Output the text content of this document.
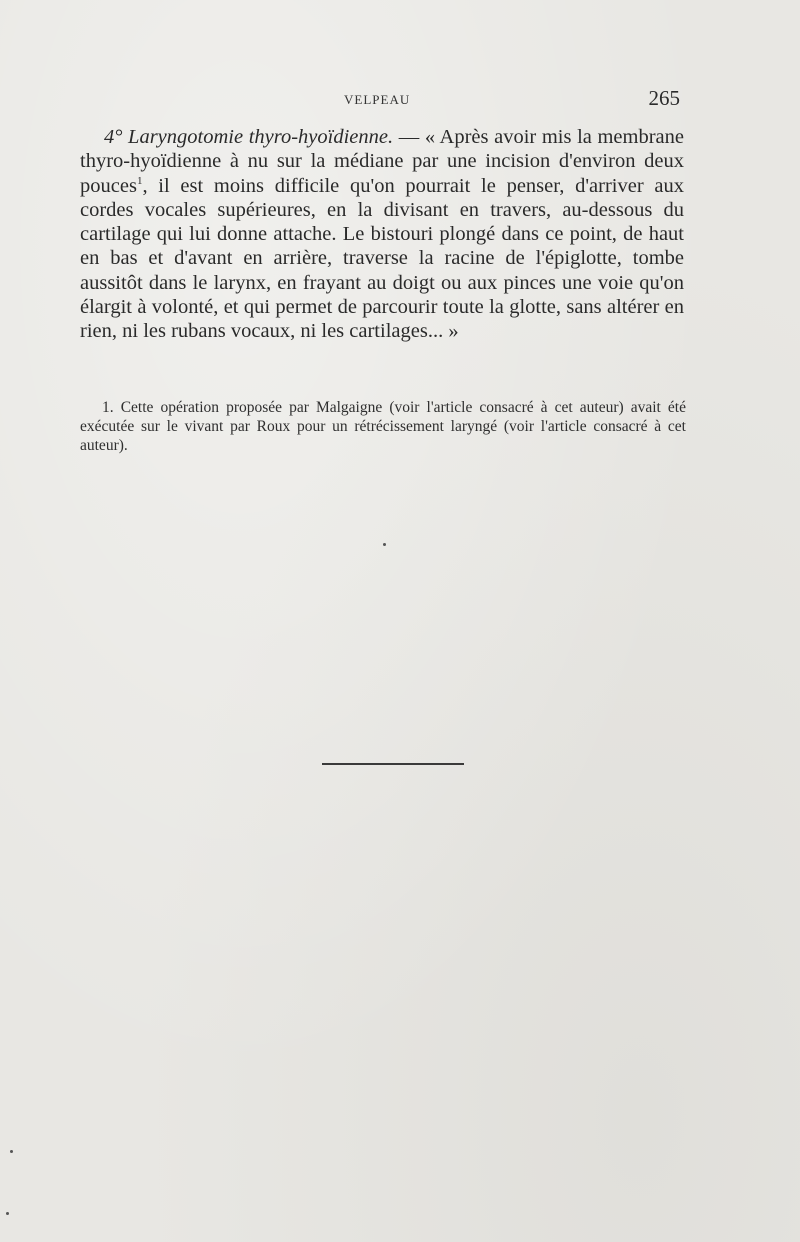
VELPEAU	265

4° Laryngotomie thyro-hyoïdienne. — « Après avoir mis la membrane thyro-hyoïdienne à nu sur la médiane par une incision d'environ deux pouces$^1$, il est moins difficile qu'on pourrait le penser, d'arriver aux cordes vocales supérieures, en la divisant en travers, au-dessous du cartilage qui lui donne attache. Le bistouri plongé dans ce point, de haut en bas et d'avant en arrière, traverse la racine de l'épiglotte, tombe aussitôt dans le larynx, en frayant au doigt ou aux pinces une voie qu'on élargit à volonté, et qui permet de parcourir toute la glotte, sans altérer en rien, ni les rubans vocaux, ni les cartilages... »

1. Cette opération proposée par Malgaigne (voir l'article consacré à cet auteur) avait été exécutée sur le vivant par Roux pour un rétrécissement laryngé (voir l'article consacré à cet auteur).
